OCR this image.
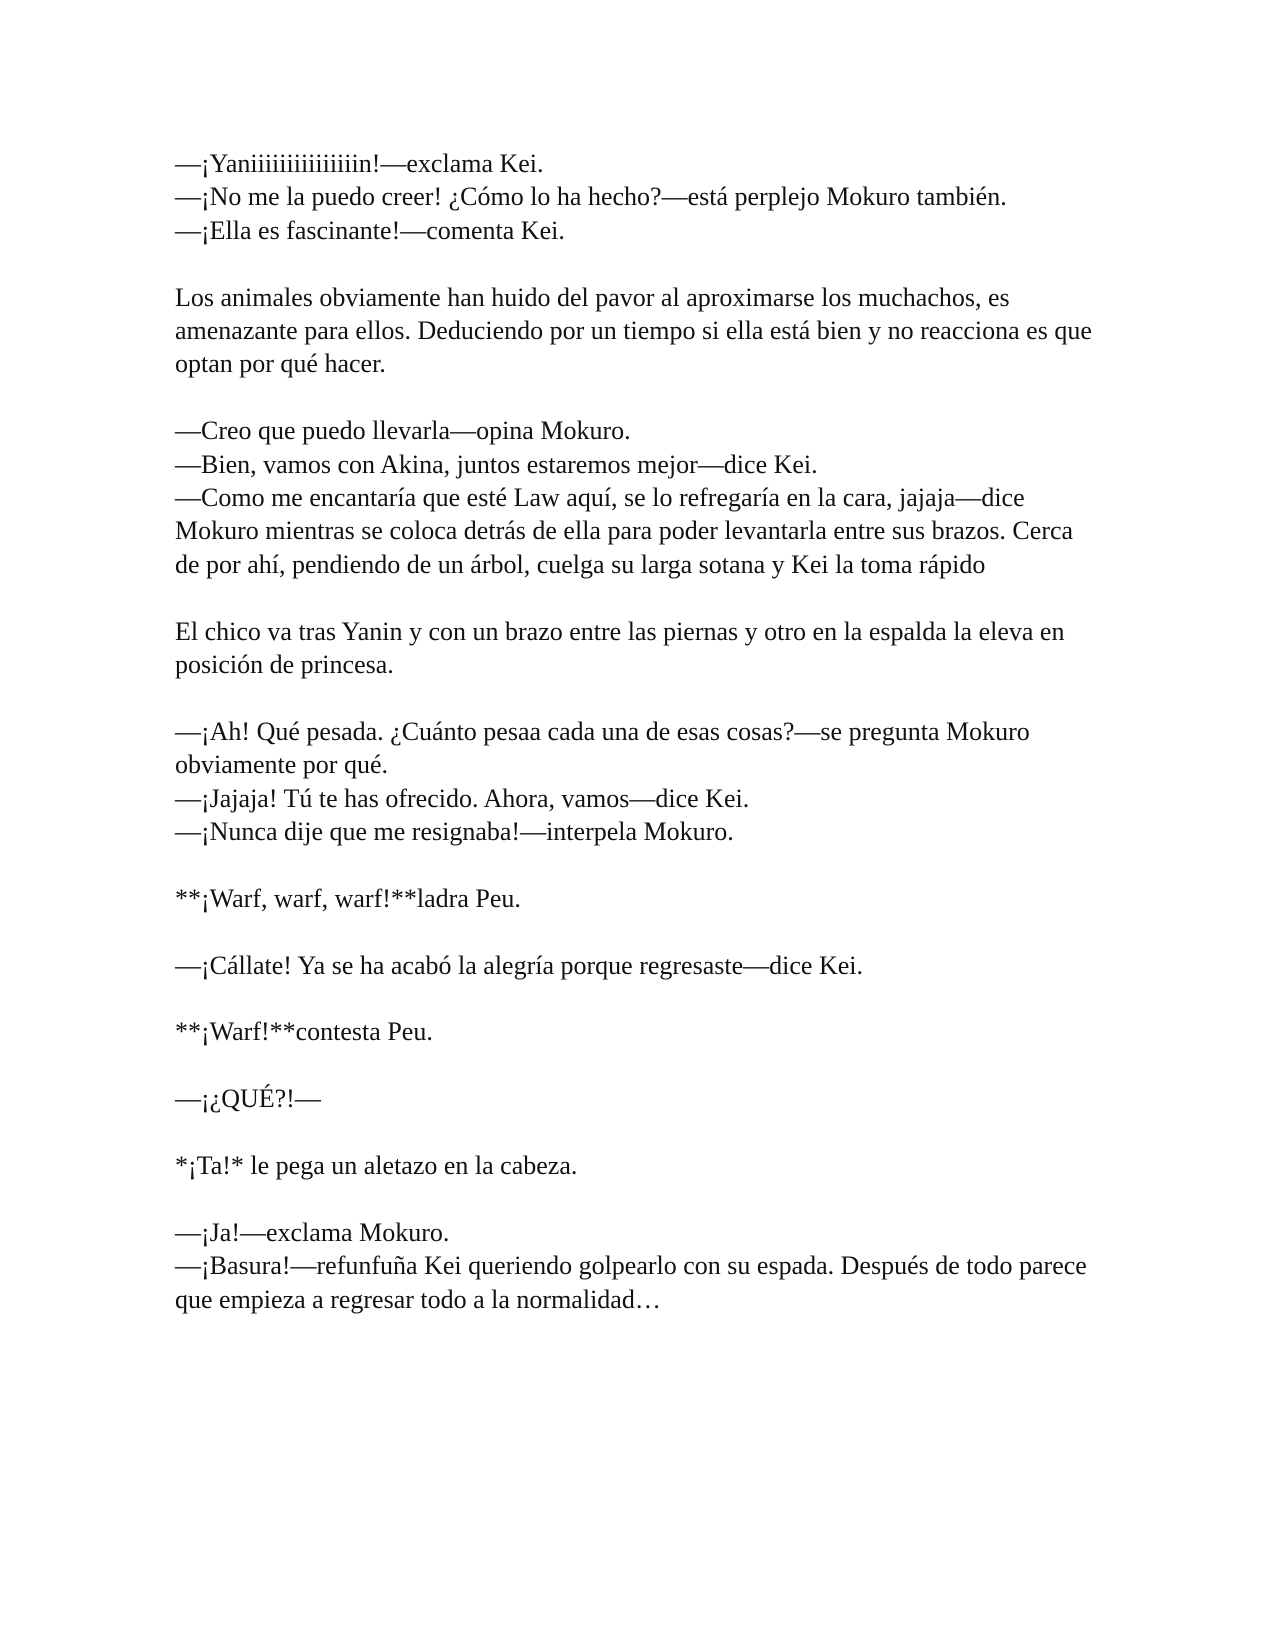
—¡Yaniiiiiiiiiiiiiiin!—exclama Kei.

—¡No me la puedo creer! ¿Cómo lo ha hecho?—está perplejo Mokuro también.

—¡Ella es fascinante!—comenta Kei.

Los animales obviamente han huido del pavor al aproximarse los muchachos, es amenazante para ellos. Deduciendo por un tiempo si ella está bien y no reacciona es que optan por qué hacer.

—Creo que puedo llevarla—opina Mokuro.

—Bien, vamos con Akina, juntos estaremos mejor—dice Kei.

—Como me encantaría que esté Law aquí, se lo refregaría en la cara, jajaja—dice Mokuro mientras se coloca detrás de ella para poder levantarla entre sus brazos. Cerca de por ahí, pendiendo de un árbol, cuelga su larga sotana y Kei la toma rápido

El chico va tras Yanin y con un brazo entre las piernas y otro en la espalda la eleva en posición de princesa.

—¡Ah! Qué pesada. ¿Cuánto pesaa cada una de esas cosas?—se pregunta Mokuro obviamente por qué.

—¡Jajaja! Tú te has ofrecido. Ahora, vamos—dice Kei.

—¡Nunca dije que me resignaba!—interpela Mokuro.

**¡Warf, warf, warf!**ladra Peu.

—¡Cállate! Ya se ha acabó la alegría porque regresaste—dice Kei.

**¡Warf!**contesta Peu.

—¡¿QUÉ?!—

*¡Ta!* le pega un aletazo en la cabeza.

—¡Ja!—exclama Mokuro.

—¡Basura!—refunfuña Kei queriendo golpearlo con su espada. Después de todo parece que empieza a regresar todo a la normalidad…
